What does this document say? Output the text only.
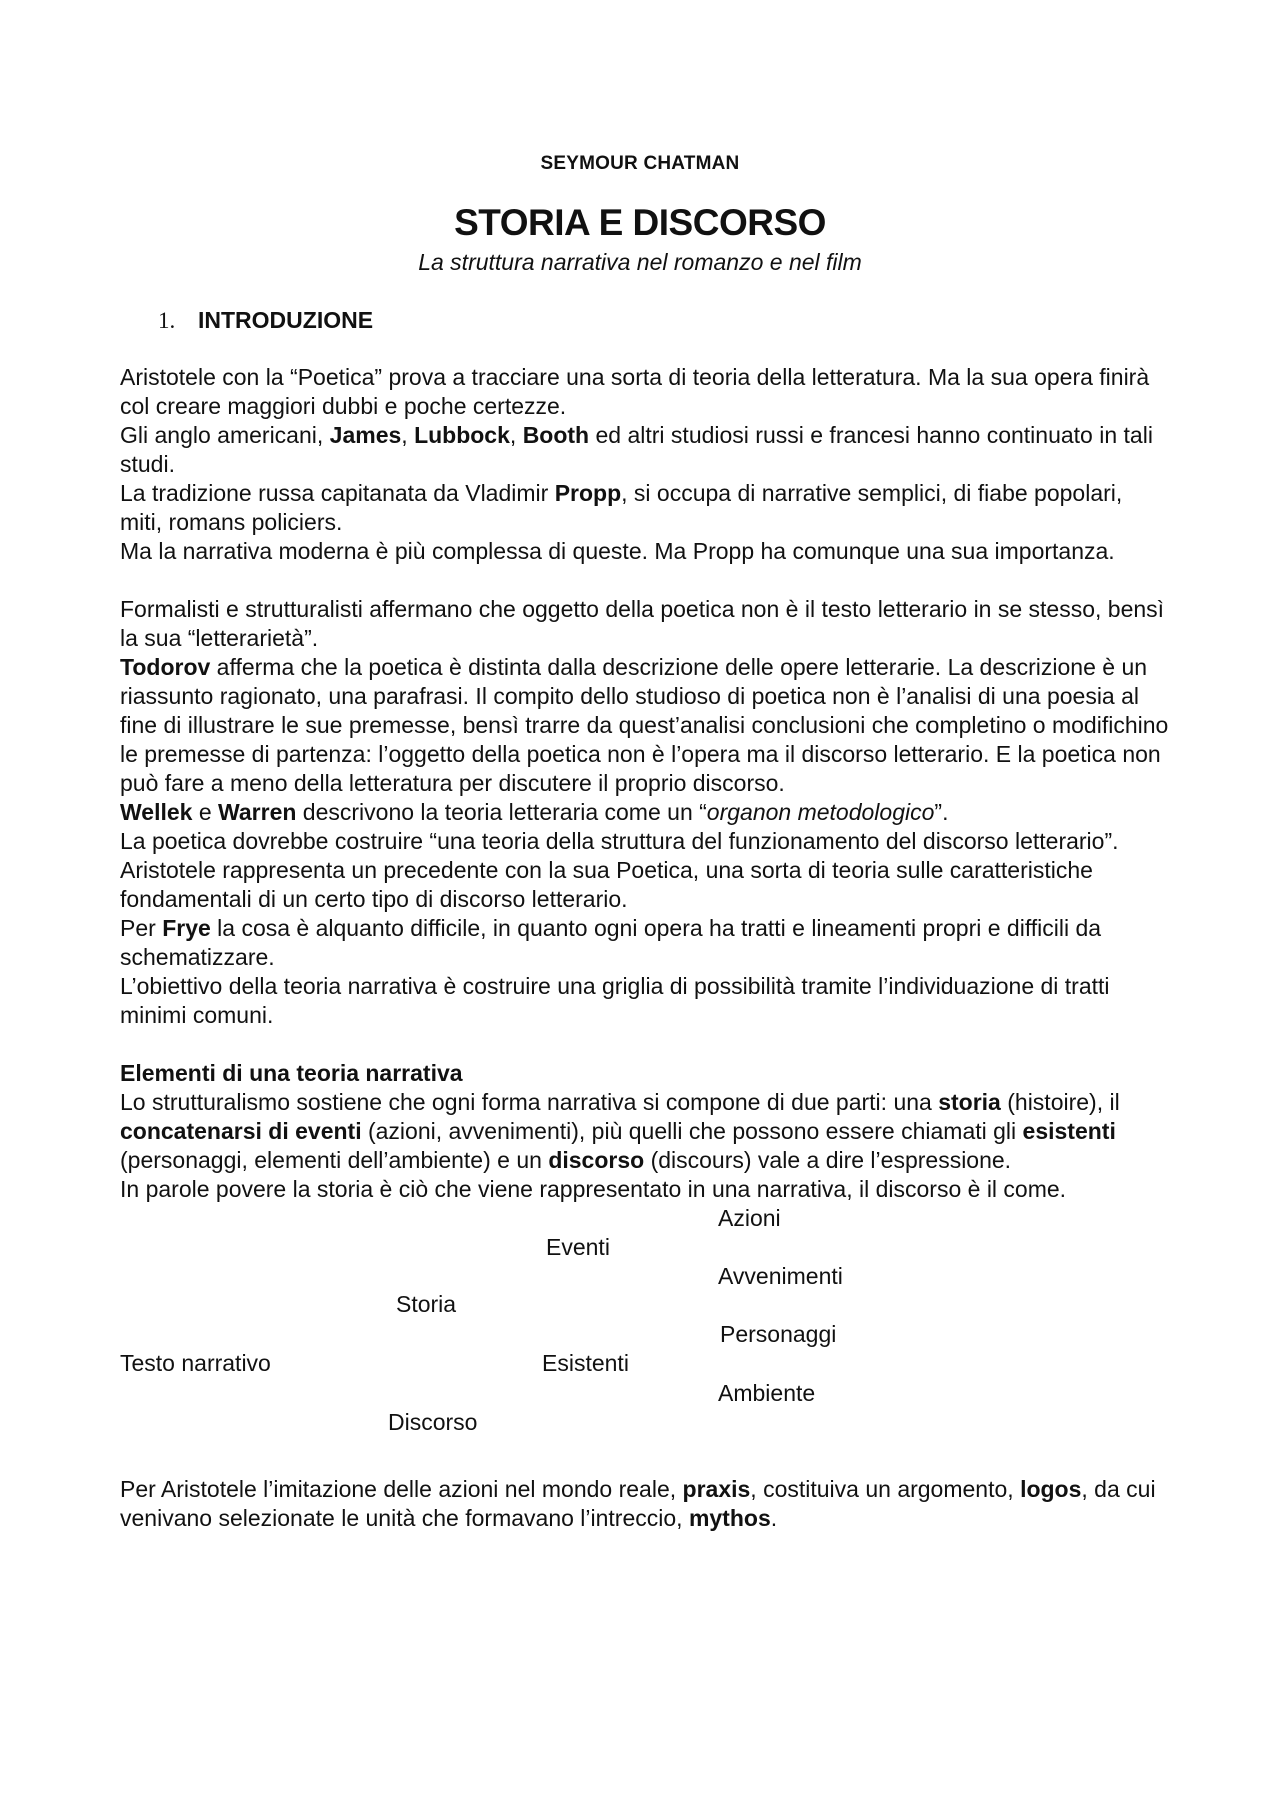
SEYMOUR CHATMAN
STORIA E DISCORSO
La struttura narrativa nel romanzo e nel film
1. INTRODUZIONE

Aristotele con la “Poetica” prova a tracciare una sorta di teoria della letteratura. Ma la sua opera finirà col creare maggiori dubbi e poche certezze.

Gli anglo americani, James, Lubbock, Booth ed altri studiosi russi e francesi hanno continuato in tali studi.

La tradizione russa capitanata da Vladimir Propp, si occupa di narrative semplici, di fiabe popolari, miti, romans policiers.

Ma la narrativa moderna è più complessa di queste. Ma Propp ha comunque una sua importanza.

Formalisti e strutturalisti affermano che oggetto della poetica non è il testo letterario in se stesso, bensì la sua “letterarietà”.

Todorov afferma che la poetica è distinta dalla descrizione delle opere letterarie. La descrizione è un riassunto ragionato, una parafrasi. Il compito dello studioso di poetica non è l’analisi di una poesia al fine di illustrare le sue premesse, bensì trarre da quest’analisi conclusioni che completino o modifichino le premesse di partenza: l’oggetto della poetica non è l’opera ma il discorso letterario. E la poetica non può fare a meno della letteratura per discutere il proprio discorso.

Wellek e Warren descrivono la teoria letteraria come un “organon metodologico”.

La poetica dovrebbe costruire “una teoria della struttura del funzionamento del discorso letterario”. Aristotele rappresenta un precedente con la sua Poetica, una sorta di teoria sulle caratteristiche fondamentali di un certo tipo di discorso letterario.

Per Frye la cosa è alquanto difficile, in quanto ogni opera ha tratti e lineamenti propri e difficili da schematizzare.

L’obiettivo della teoria narrativa è costruire una griglia di possibilità tramite l’individuazione di tratti minimi comuni.

Elementi di una teoria narrativa

Lo strutturalismo sostiene che ogni forma narrativa si compone di due parti: una storia (histoire), il concatenarsi di eventi (azioni, avvenimenti), più quelli che possono essere chiamati gli esistenti (personaggi, elementi dell’ambiente) e un discorso (discours) vale a dire l’espressione.

In parole povere la storia è ciò che viene rappresentato in una narrativa, il discorso è il come.

Azioni
Eventi
Avvenimenti
Storia
Personaggi
Testo narrativo	Esistenti
Ambiente
Discorso

Per Aristotele l’imitazione delle azioni nel mondo reale, praxis, costituiva un argomento, logos, da cui venivano selezionate le unità che formavano l’intreccio, mythos.
